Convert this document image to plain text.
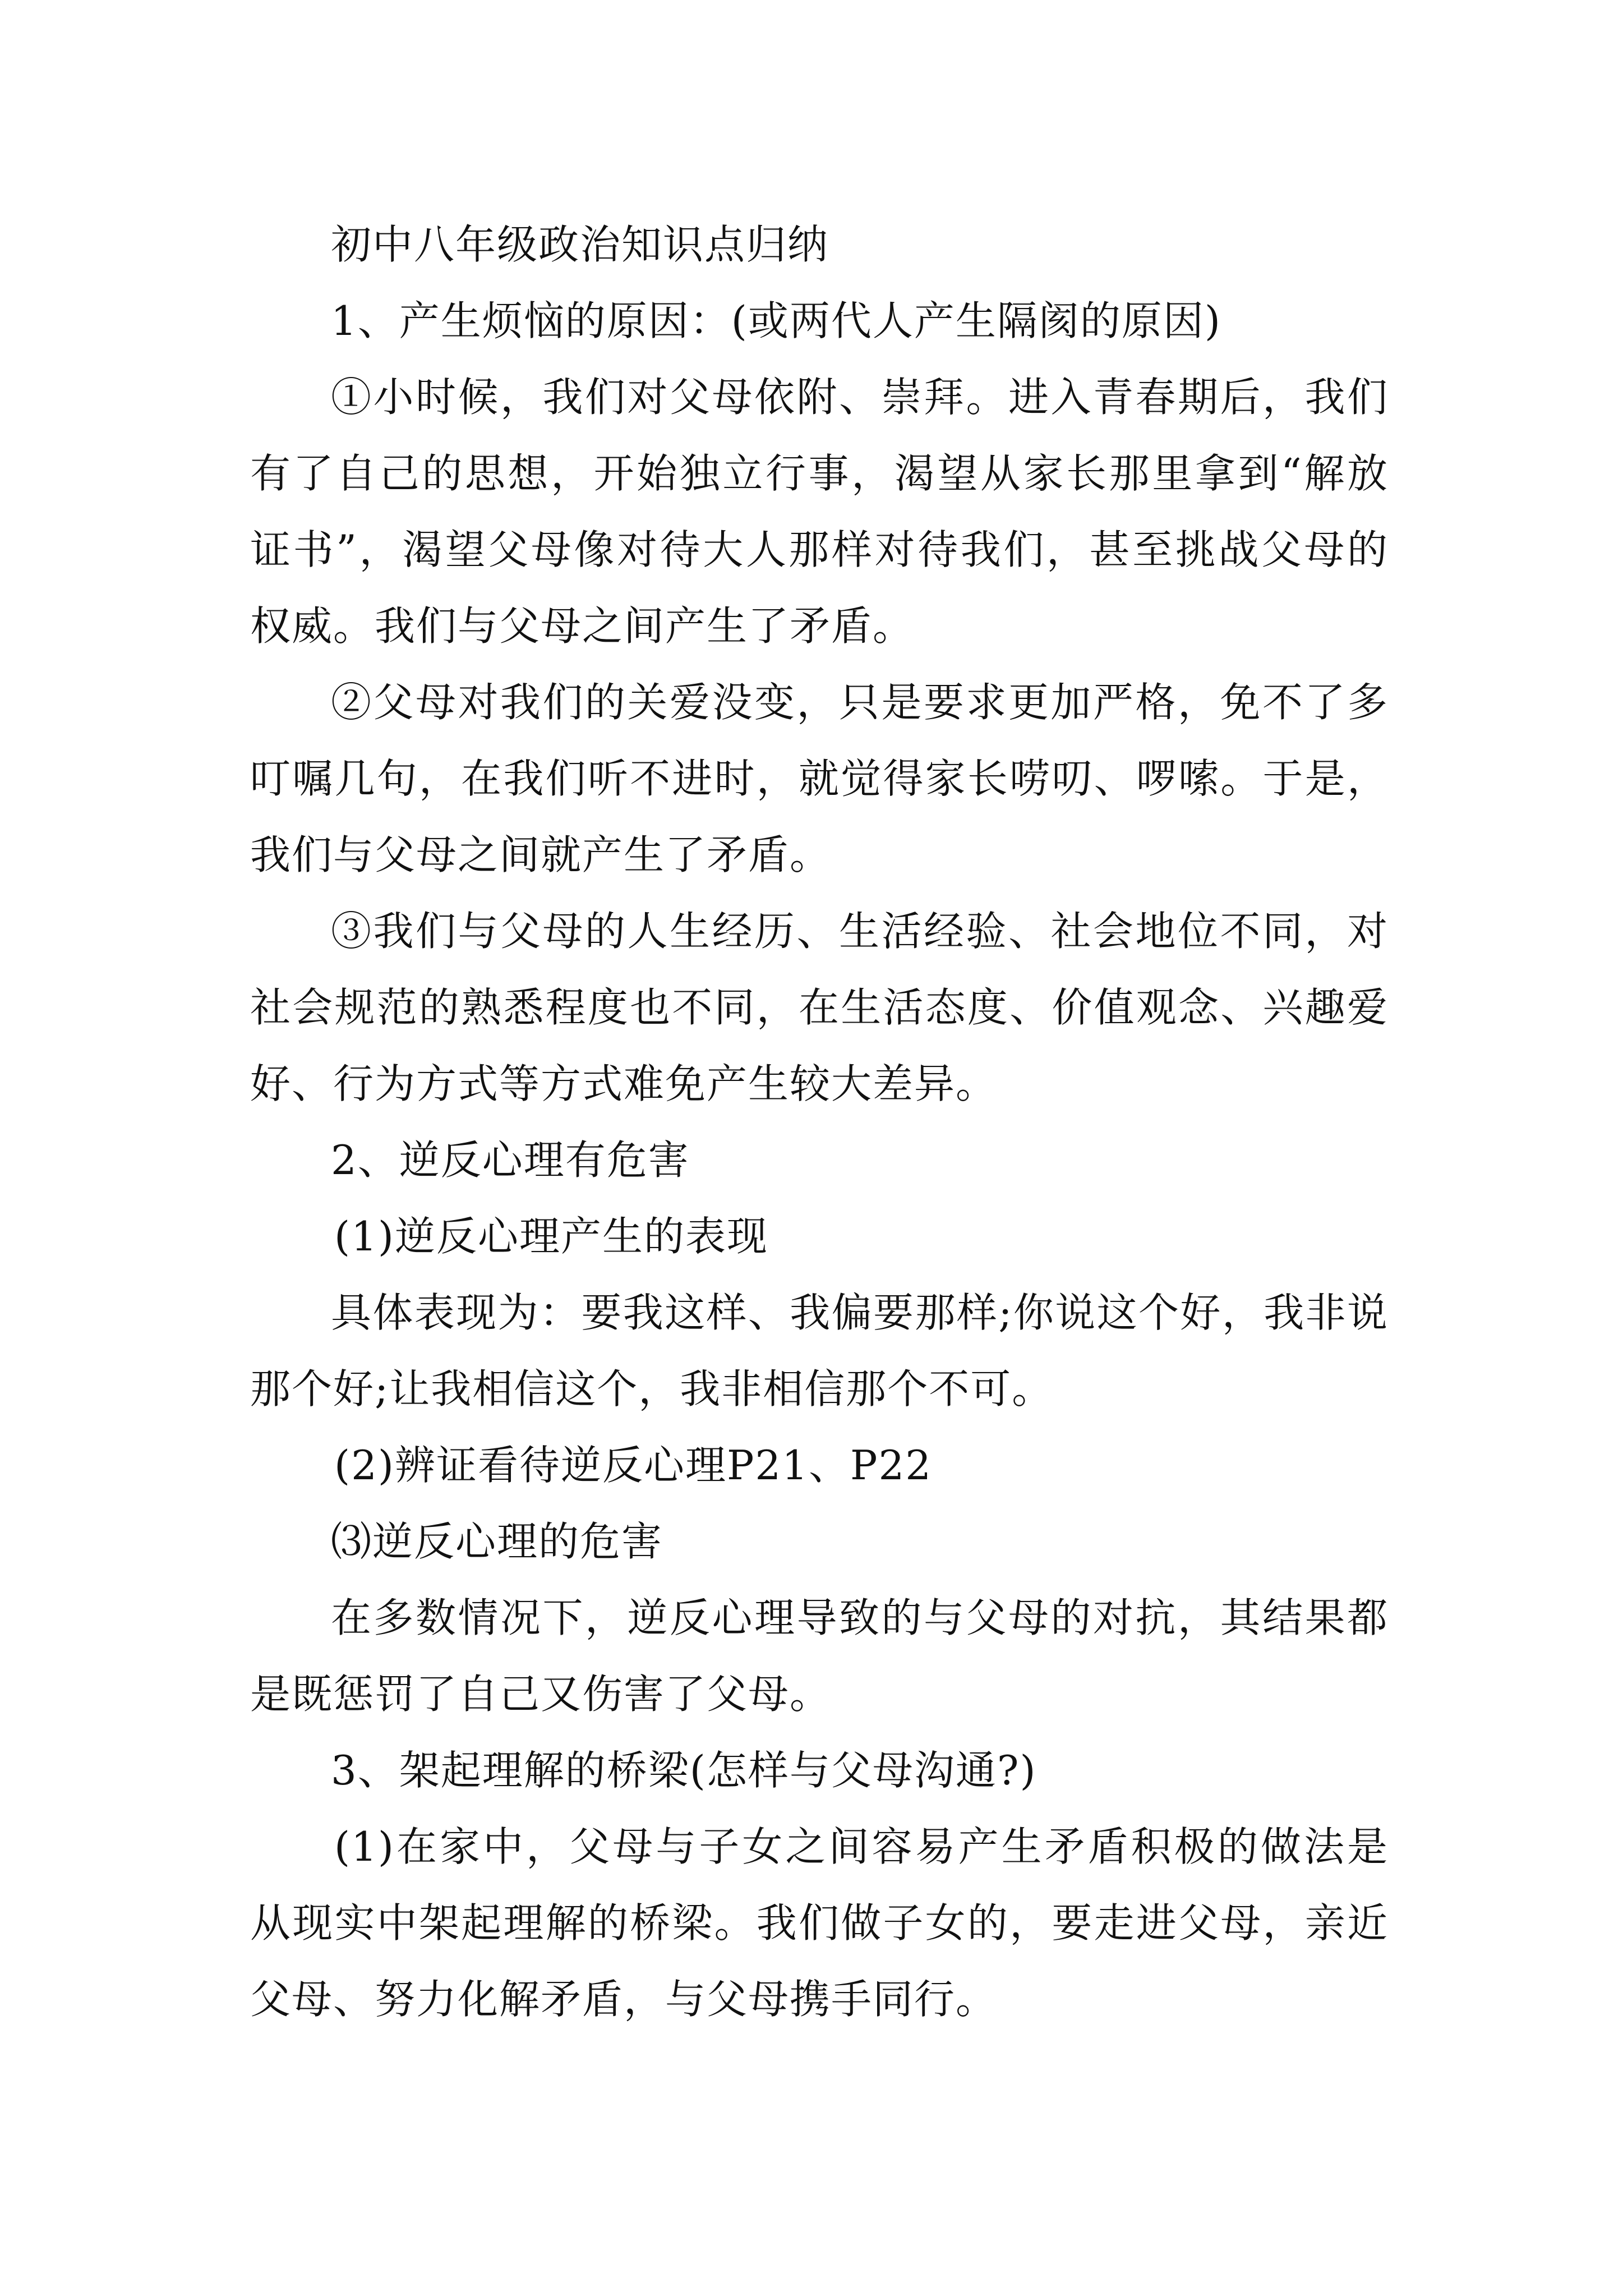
初中八年级政治知识点归纳

1、产生烦恼的原因：(或两代人产生隔阂的原因)

①小时候，我们对父母依附、崇拜。进入青春期后，我们有了自己的思想，开始独立行事，渴望从家长那里拿到“解放证书”，渴望父母像对待大人那样对待我们，甚至挑战父母的权威。我们与父母之间产生了矛盾。

②父母对我们的关爱没变，只是要求更加严格，免不了多叮嘱几句，在我们听不进时，就觉得家长唠叨、啰嗦。于是，我们与父母之间就产生了矛盾。

③我们与父母的人生经历、生活经验、社会地位不同，对社会规范的熟悉程度也不同，在生活态度、价值观念、兴趣爱好、行为方式等方式难免产生较大差异。

2、逆反心理有危害

(1)逆反心理产生的表现

具体表现为：要我这样、我偏要那样;你说这个好，我非说那个好;让我相信这个，我非相信那个不可。

(2)辨证看待逆反心理P21、P22

⑶逆反心理的危害

在多数情况下，逆反心理导致的与父母的对抗，其结果都是既惩罚了自己又伤害了父母。

3、架起理解的桥梁(怎样与父母沟通?)

(1)在家中，父母与子女之间容易产生矛盾积极的做法是从现实中架起理解的桥梁。我们做子女的，要走进父母，亲近父母、努力化解矛盾，与父母携手同行。
